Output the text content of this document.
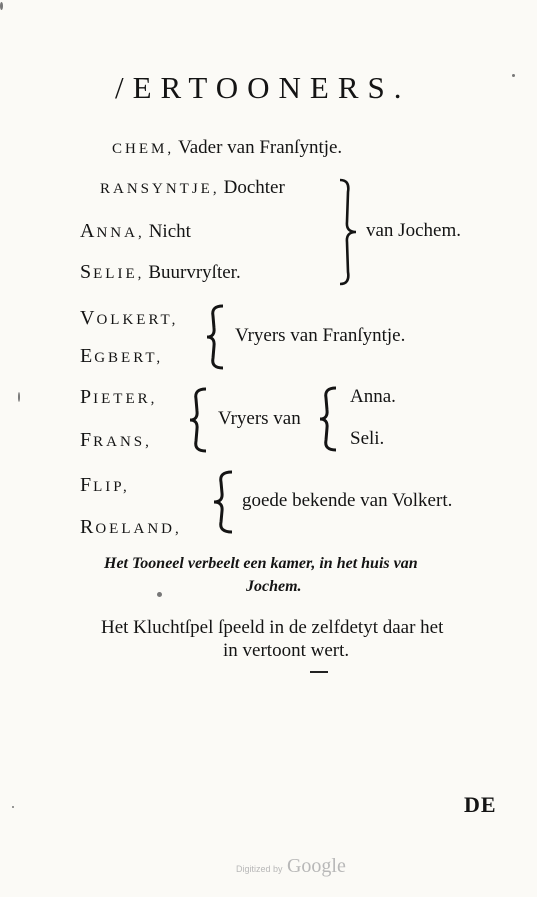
/ERTOONERS.
CHEM, Vader van Franſyntje.
RANSYNTJE, Dochter
ANNA, Nicht
SELIE, Buurvryſter.
van Jochem.
VOLKERT,
EGBERT,
Vryers van Franſyntje.
PIETER,
FRANS,
Vryers van
Anna.
Seli.
FLIP,
ROELAND,
goede bekende van Volkert.
Het Tooneel verbeelt een kamer, in het huis van
Jochem.
Het Kluchtſpel ſpeeld in de zelfdetyt daar het
in vertoont wert.
DE
Digitized by Google
